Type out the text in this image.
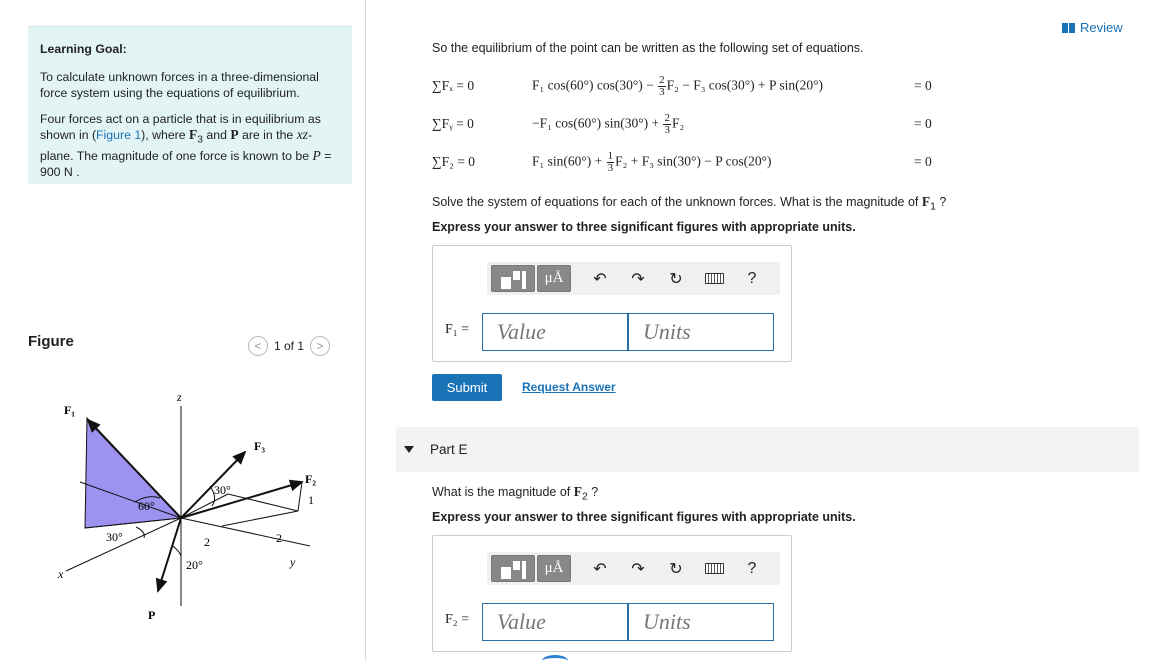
Learning Goal:

To calculate unknown forces in a three-dimensional force system using the equations of equilibrium.

Four forces act on a particle that is in equilibrium as shown in (Figure 1), where $F_3$ and P are in the xz-plane. The magnitude of one force is known to be P = 900 N .

Figure	< 1 of 1 >
F₁
F₃
F₂
P
z
x
y
60°
30°
30°
20°
1
2	2
Review
So the equilibrium of the point can be written as the following set of equations.
∑Fₓ = 0	F₁ cos(60°) $\cos(30^\circ) - \frac{2}{3} F_2 - F_3$ cos(30°) + P sin(20°)	= 0
∑Fᵧ = 0	−F₁ cos(60°) $\sin(30^\circ) + \frac{2}{3} F_2$	= 0
∑F₂ = 0	F₁ $\sin(60^\circ) + \frac{1}{3} F_2 + F_3$ sin(30°) − P cos(20°)	= 0
Solve the system of equations for each of the unknown forces. What is the magnitude of $F_1$ ?
Express your answer to three significant figures with appropriate units.
μÅ	↶	↷	↻	?
F₁ =	Value	Units
Submit	Request Answer
Part E
What is the magnitude of $F_2$ ?
Express your answer to three significant figures with appropriate units.
μÅ	↶	↷	↻	?
F₂ =	Value	Units
